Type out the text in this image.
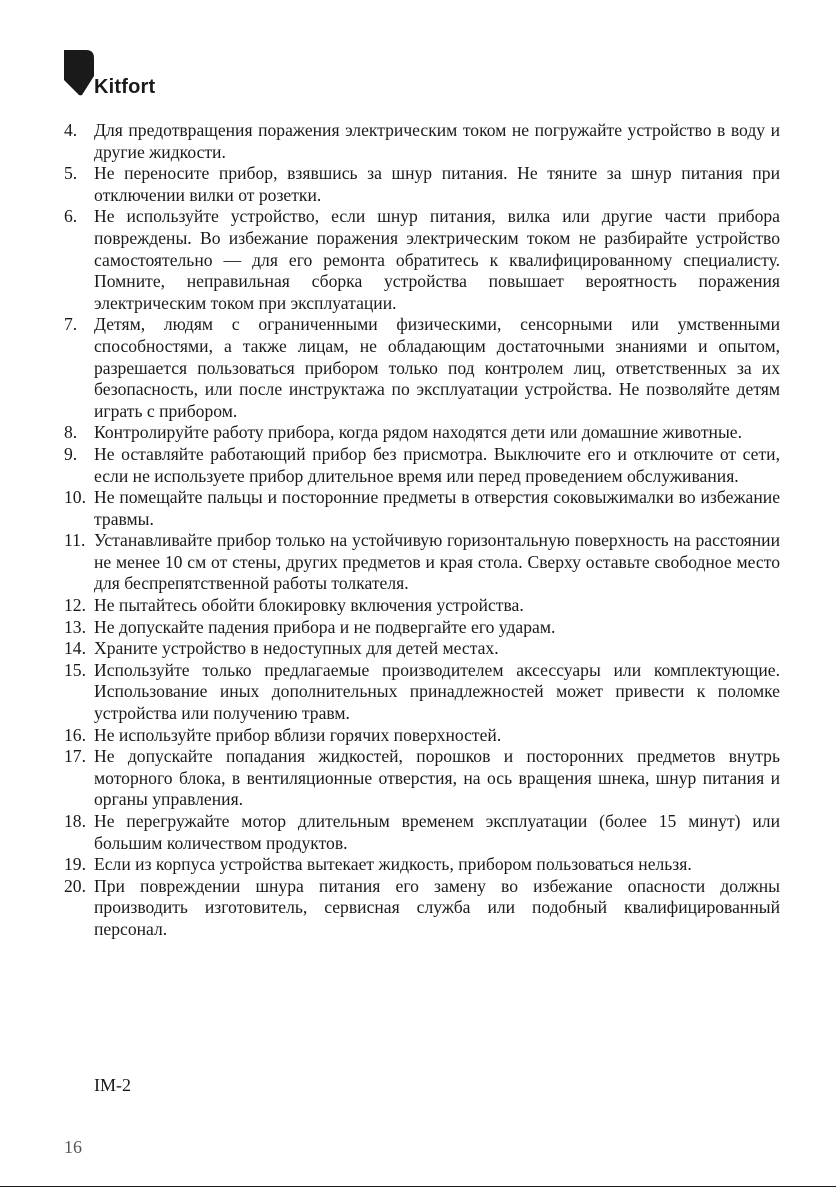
Kitfort
4. Для предотвращения поражения электрическим током не погружайте устройство в воду и другие жидкости.
5. Не переносите прибор, взявшись за шнур питания. Не тяните за шнур питания при отключении вилки от розетки.
6. Не используйте устройство, если шнур питания, вилка или другие части прибора повреждены. Во избежание поражения электрическим током не разбирайте устройство самостоятельно — для его ремонта обратитесь к квалифицированному специалисту. Помните, неправильная сборка устройства повышает вероятность поражения электрическим током при эксплуатации.
7. Детям, людям с ограниченными физическими, сенсорными или умственными способностями, а также лицам, не обладающим достаточными знаниями и опытом, разрешается пользоваться прибором только под контролем лиц, ответственных за их безопасность, или после инструктажа по эксплуатации устройства. Не позволяйте детям играть с прибором.
8. Контролируйте работу прибора, когда рядом находятся дети или домашние животные.
9. Не оставляйте работающий прибор без присмотра. Выключите его и отключите от сети, если не используете прибор длительное время или перед проведением обслуживания.
10. Не помещайте пальцы и посторонние предметы в отверстия соковыжималки во избежание травмы.
11. Устанавливайте прибор только на устойчивую горизонтальную поверхность на расстоянии не менее 10 см от стены, других предметов и края стола. Сверху оставьте свободное место для беспрепятственной работы толкателя.
12. Не пытайтесь обойти блокировку включения устройства.
13. Не допускайте падения прибора и не подвергайте его ударам.
14. Храните устройство в недоступных для детей местах.
15. Используйте только предлагаемые производителем аксессуары или комплектующие. Использование иных дополнительных принадлежностей может привести к поломке устройства или получению травм.
16. Не используйте прибор вблизи горячих поверхностей.
17. Не допускайте попадания жидкостей, порошков и посторонних предметов внутрь моторного блока, в вентиляционные отверстия, на ось вращения шнека, шнур питания и органы управления.
18. Не перегружайте мотор длительным временем эксплуатации (более 15 минут) или большим количеством продуктов.
19. Если из корпуса устройства вытекает жидкость, прибором пользоваться нельзя.
20. При повреждении шнура питания его замену во избежание опасности должны производить изготовитель, сервисная служба или подобный квалифицированный персонал.
IM-2
16
